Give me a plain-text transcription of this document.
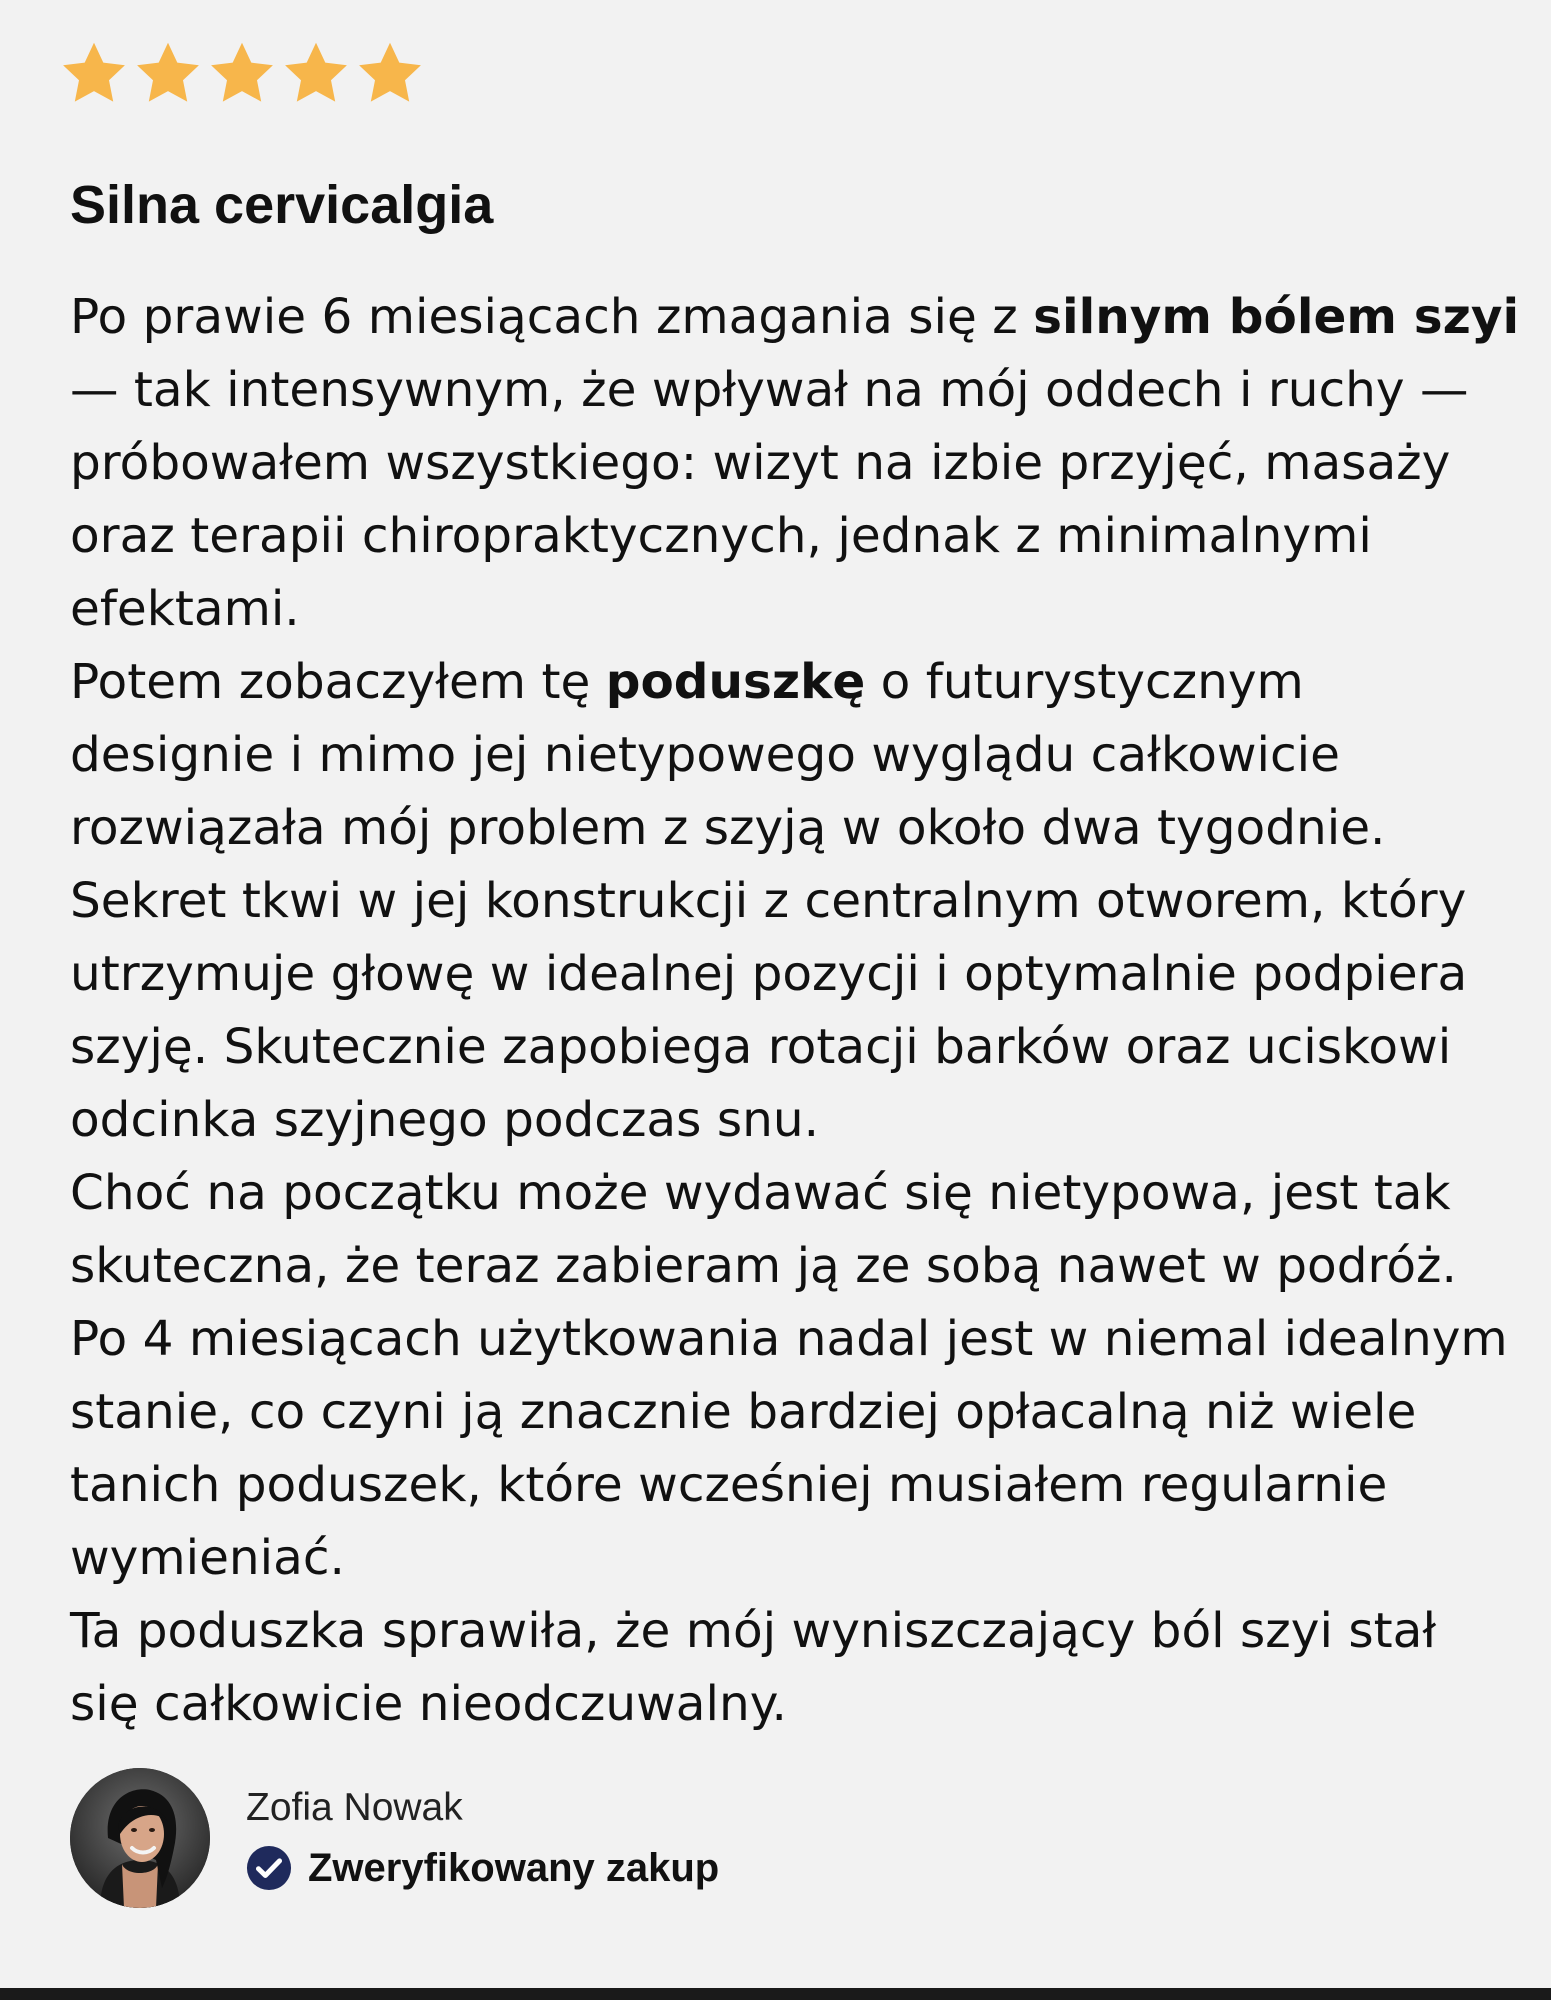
Silna cervicalgia

Po prawie 6 miesiącach zmagania się z silnym bólem szyi — tak intensywnym, że wpływał na mój oddech i ruchy — próbowałem wszystkiego: wizyt na izbie przyjęć, masaży oraz terapii chiropraktycznych, jednak z minimalnymi efektami.

Potem zobaczyłem tę poduszkę o futurystycznym designie i mimo jej nietypowego wyglądu całkowicie rozwiązała mój problem z szyją w około dwa tygodnie.

Sekret tkwi w jej konstrukcji z centralnym otworem, który utrzymuje głowę w idealnej pozycji i optymalnie podpiera szyję. Skutecznie zapobiega rotacji barków oraz uciskowi odcinka szyjnego podczas snu.

Choć na początku może wydawać się nietypowa, jest tak skuteczna, że teraz zabieram ją ze sobą nawet w podróż.

Po 4 miesiącach użytkowania nadal jest w niemal idealnym stanie, co czyni ją znacznie bardziej opłacalną niż wiele tanich poduszek, które wcześniej musiałem regularnie wymieniać.

Ta poduszka sprawiła, że mój wyniszczający ból szyi stał się całkowicie nieodczuwalny.

Zofia Nowak
Zweryfikowany zakup
